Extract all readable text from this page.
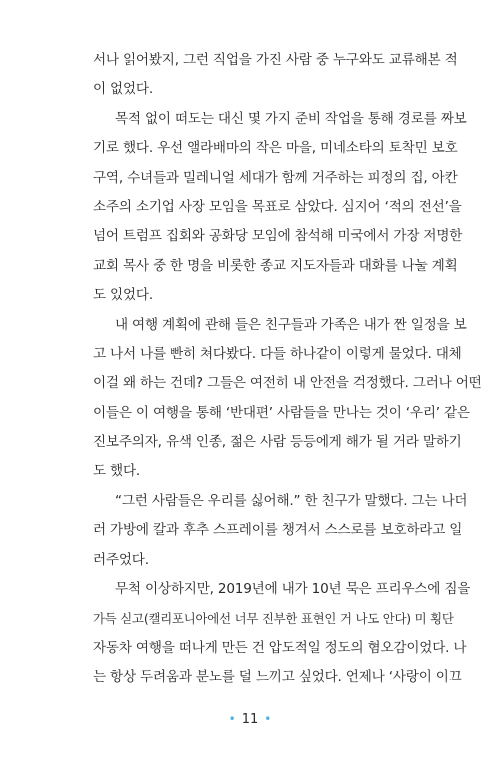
서나 읽어봤지, 그런 직업을 가진 사람 중 누구와도 교류해본 적
이 없었다.
목적 없이 떠도는 대신 몇 가지 준비 작업을 통해 경로를 짜보
기로 했다. 우선 앨라배마의 작은 마을, 미네소타의 토착민 보호
구역, 수녀들과 밀레니얼 세대가 함께 거주하는 피정의 집, 아칸
소주의 소기업 사장 모임을 목표로 삼았다. 심지어 ‘적의 전선’을
넘어 트럼프 집회와 공화당 모임에 참석해 미국에서 가장 저명한
교회 목사 중 한 명을 비롯한 종교 지도자들과 대화를 나눌 계획
도 있었다.
내 여행 계획에 관해 들은 친구들과 가족은 내가 짠 일정을 보
고 나서 나를 빤히 쳐다봤다. 다들 하나같이 이렇게 물었다. 대체
이걸 왜 하는 건데? 그들은 여전히 내 안전을 걱정했다. 그러나 어떤
이들은 이 여행을 통해 ‘반대편’ 사람들을 만나는 것이 ‘우리’ 같은
진보주의자, 유색 인종, 젊은 사람 등등에게 해가 될 거라 말하기
도 했다.
“그런 사람들은 우리를 싫어해.” 한 친구가 말했다. 그는 나더
러 가방에 칼과 후추 스프레이를 챙겨서 스스로를 보호하라고 일
러주었다.
무척 이상하지만, 2019년에 내가 10년 묵은 프리우스에 짐을
가득 싣고(캘리포니아에선 너무 진부한 표현인 거 나도 안다) 미 횡단
자동차 여행을 떠나게 만든 건 압도적일 정도의 혐오감이었다. 나
는 항상 두려움과 분노를 덜 느끼고 싶었다. 언제나 ‘사랑이 이끄
• 11 •
